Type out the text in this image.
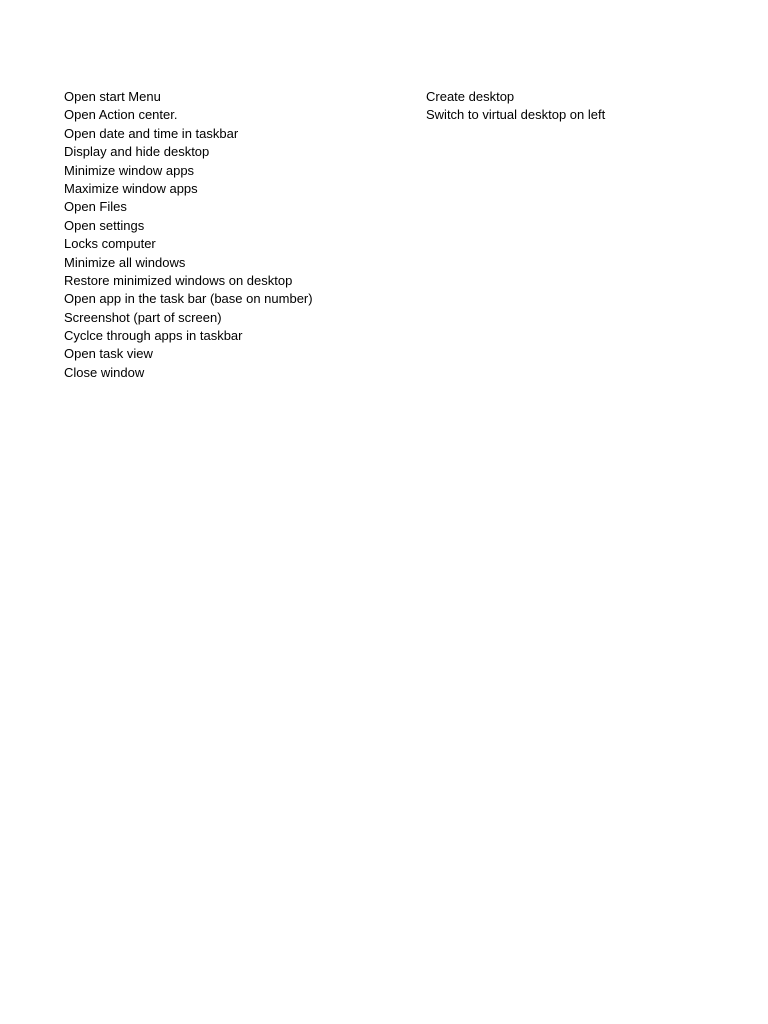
Open start Menu
Open Action center.
Open date and time in taskbar
Display and hide desktop
Minimize window apps
Maximize window apps
Open Files
Open settings
Locks computer
Minimize all windows
Restore minimized windows on desktop
Open app in the task bar (base on number)
Screenshot (part of screen)
Cyclce through apps in taskbar
Open task view
Close window
Create desktop
Switch to virtual desktop on left
